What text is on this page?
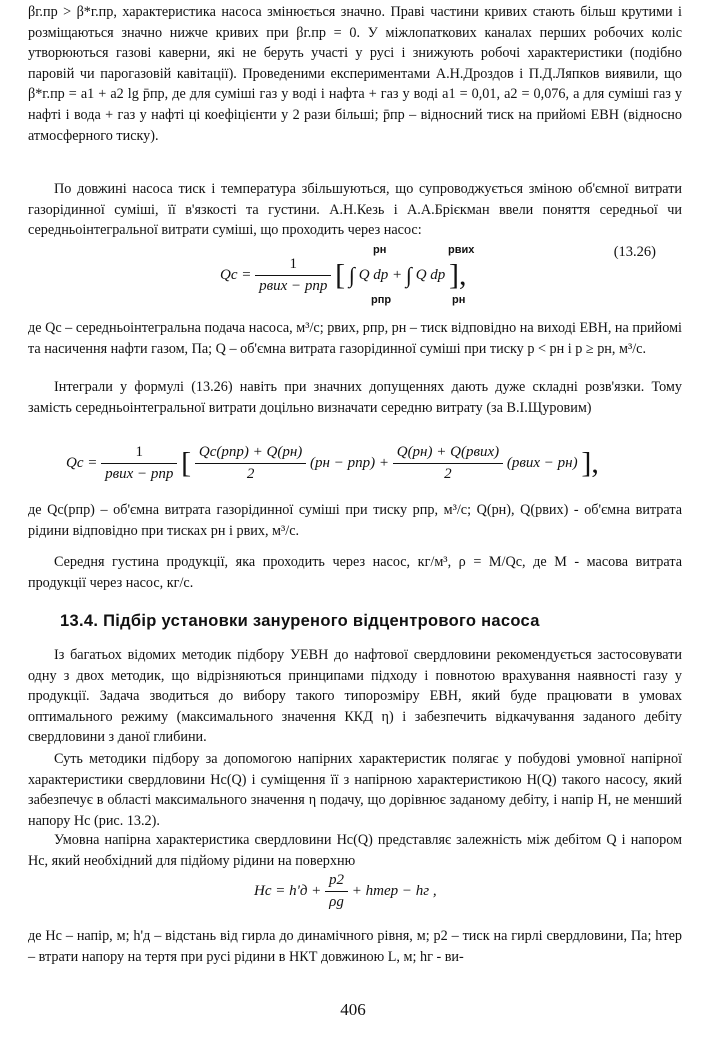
βг.пр > β*г.пр, характеристика насоса змінюється значно. Праві частини кривих стають більш крутими і розміщаються значно нижче кривих при βг.пр = 0. У міжлопаткових каналах перших робочих коліс утворюються газові каверни, які не беруть участі у русі і знижують робочі характеристики (подібно паровій чи парогазовій кавітації). Проведеними експериментами А.Н.Дроздов і П.Д.Ляпков виявили, що β*г.пр = a1 + a2 lg p̄пр, де для суміші газ у воді і нафта + газ у воді a1 = 0,01, a2 = 0,076, а для суміші газ у нафті і вода + газ у нафті ці коефіцієнти у 2 рази більші; p̄пр – відносний тиск на прийомі ЕВН (відносно атмосферного тиску).

По довжині насоса тиск і температура збільшуються, що супроводжується зміною об'ємної витрати газорідинної суміші, її в'язкості та густини. А.Н.Кезь і А.А.Брієкман ввели поняття середньої чи середньоінтегральної витрати суміші, що проходить через насос:

(13.26)
Qс = $\frac{1}{\text{pвих − pпр}}$ [ ∫ Q dp + ∫ Q dp ],
pн
pпр
pвих
pн

де Qс – середньоінтегральна подача насоса, м³/с; pвих, pпр, pн – тиск відповідно на виході ЕВН, на прийомі та насичення нафти газом, Па; Q – об'ємна витрата газорідинної суміші при тиску p < pн і p ≥ pн, м³/с.

Інтеграли у формулі (13.26) навіть при значних допущеннях дають дуже складні розв'язки. Тому замість середньоінтегральної витрати доцільно визначати середню витрату (за В.І.Щуровим)

Qс = $\frac{1}{\text{pвих − pпр}}$ [ $\frac{\text{Qс(pпр) + Q(pн)}}{2} (pн - pпр) + \frac{\text{Q(pн) + Q(pвих)}}{2}$ (pвих − pн) ],

де Qс(pпр) – об'ємна витрата газорідинної суміші при тиску pпр, м³/с; Q(pн), Q(pвих) - об'ємна витрата рідини відповідно при тисках pн і pвих, м³/с.

Середня густина продукції, яка проходить через насос, кг/м³, ρ = M/Qс, де M - масова витрата продукції через насос, кг/с.

13.4. Підбір установки зануреного відцентрового насоса

Із багатьох відомих методик підбору УЕВН до нафтової свердловини рекомендується застосовувати одну з двох методик, що відрізняються принципами підходу і повнотою врахування наявності газу у продукції. Задача зводиться до вибору такого типорозміру ЕВН, який буде працювати в умовах оптимального режиму (максимального значення ККД η) і забезпечить відкачування заданого дебіту свердловини з даної глибини.

Суть методики підбору за допомогою напірних характеристик полягає у побудові умовної напірної характеристики свердловини Hс(Q) і суміщення її з напірною характеристикою H(Q) такого насосу, який забезпечує в області максимального значення η подачу, що дорівнює заданому дебіту, і напір H, не менший напору Hс (рис. 13.2).

Умовна напірна характеристика свердловини Hс(Q) представляє залежність між дебітом Q і напором Hс, який необхідний для підйому рідини на поверхню

Hс = $h'д + \frac{p2}{\rho g}$ + hтер − hг ,

де Hс – напір, м; h'д – відстань від гирла до динамічного рівня, м; p2 – тиск на гирлі свердловини, Па; hтер – втрати напору на тертя при русі рідини в НКТ довжиною L, м; hг - ви-

406
